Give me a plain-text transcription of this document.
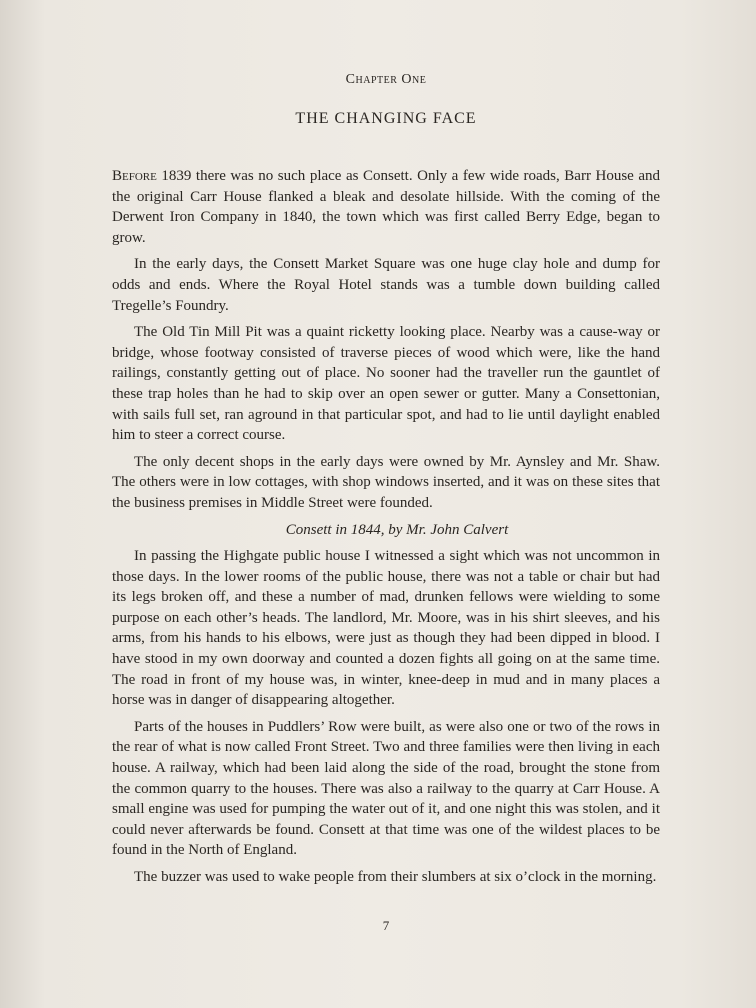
Chapter One
THE CHANGING FACE

Before 1839 there was no such place as Consett. Only a few wide roads, Barr House and the original Carr House flanked a bleak and desolate hillside. With the coming of the Derwent Iron Company in 1840, the town which was first called Berry Edge, began to grow.

In the early days, the Consett Market Square was one huge clay hole and dump for odds and ends. Where the Royal Hotel stands was a tumble down building called Tregelle’s Foundry.

The Old Tin Mill Pit was a quaint ricketty looking place. Nearby was a cause-way or bridge, whose footway consisted of traverse pieces of wood which were, like the hand railings, constantly getting out of place. No sooner had the traveller run the gauntlet of these trap holes than he had to skip over an open sewer or gutter. Many a Consettonian, with sails full set, ran aground in that particular spot, and had to lie until daylight enabled him to steer a correct course.

The only decent shops in the early days were owned by Mr. Aynsley and Mr. Shaw. The others were in low cottages, with shop windows inserted, and it was on these sites that the business premises in Middle Street were founded.

Consett in 1844, by Mr. John Calvert

In passing the Highgate public house I witnessed a sight which was not uncommon in those days. In the lower rooms of the public house, there was not a table or chair but had its legs broken off, and these a number of mad, drunken fellows were wielding to some purpose on each other’s heads. The landlord, Mr. Moore, was in his shirt sleeves, and his arms, from his hands to his elbows, were just as though they had been dipped in blood. I have stood in my own doorway and counted a dozen fights all going on at the same time. The road in front of my house was, in winter, knee-deep in mud and in many places a horse was in danger of disappearing altogether.

Parts of the houses in Puddlers’ Row were built, as were also one or two of the rows in the rear of what is now called Front Street. Two and three families were then living in each house. A railway, which had been laid along the side of the road, brought the stone from the common quarry to the houses. There was also a railway to the quarry at Carr House. A small engine was used for pumping the water out of it, and one night this was stolen, and it could never afterwards be found. Consett at that time was one of the wildest places to be found in the North of England.

The buzzer was used to wake people from their slumbers at six o’clock in the morning.

7
